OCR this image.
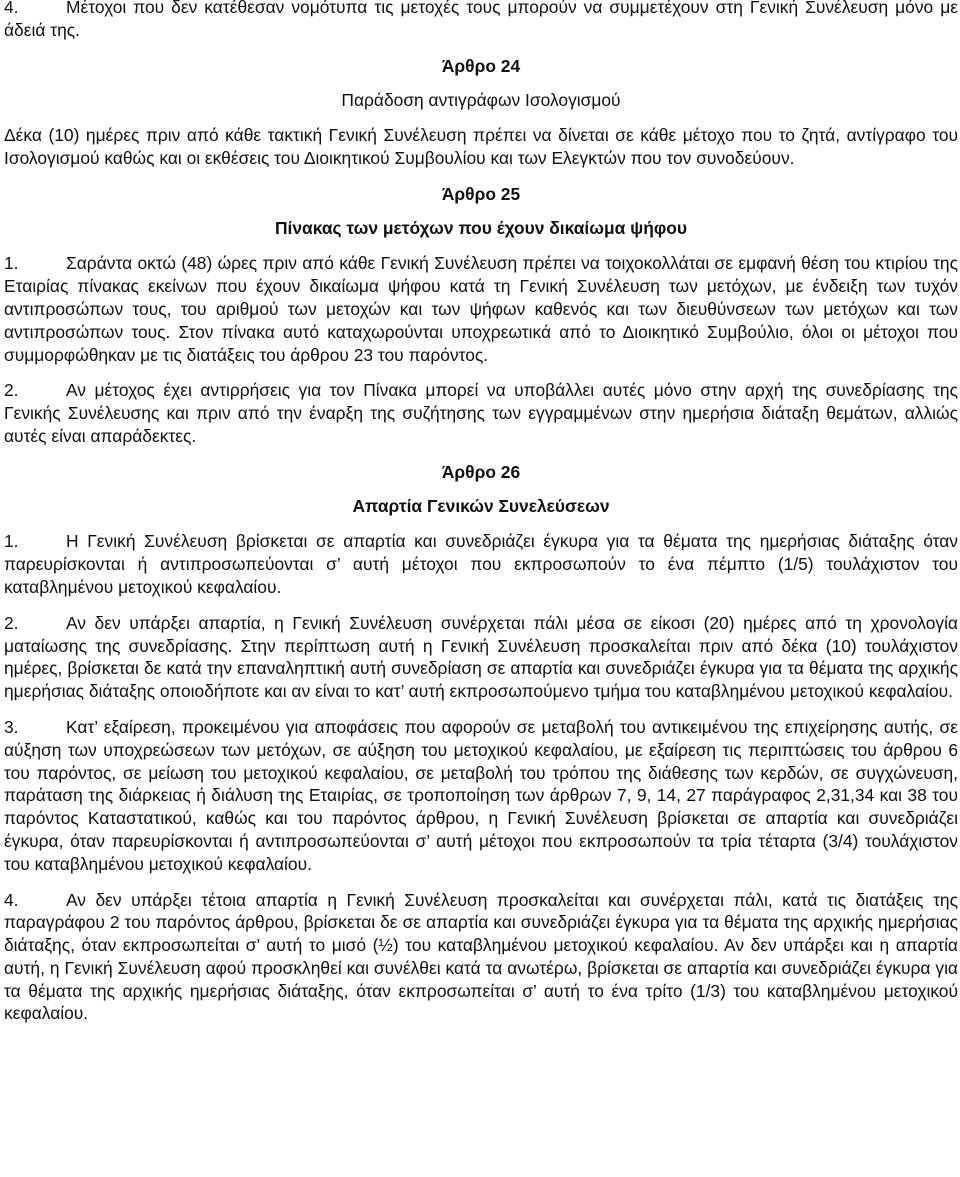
4.	Μέτοχοι που δεν κατέθεσαν νομότυπα τις μετοχές τους μπορούν να συμμετέχουν στη Γενική Συνέλευση μόνο με άδειά της.

Άρθρο 24

Παράδοση αντιγράφων Ισολογισμού

Δέκα (10) ημέρες πριν από κάθε τακτική Γενική Συνέλευση πρέπει να δίνεται σε κάθε μέτοχο που το ζητά, αντίγραφο του Ισολογισμού καθώς και οι εκθέσεις του Διοικητικού Συμβουλίου και των Ελεγκτών που τον συνοδεύουν.

Άρθρο 25

Πίνακας των μετόχων που έχουν δικαίωμα ψήφου

1.	Σαράντα οκτώ (48) ώρες πριν από κάθε Γενική Συνέλευση πρέπει να τοιχοκολλάται σε εμφανή θέση του κτιρίου της Εταιρίας πίνακας εκείνων που έχουν δικαίωμα ψήφου κατά τη Γενική Συνέλευση των μετόχων, με ένδειξη των τυχόν αντιπροσώπων τους, του αριθμού των μετοχών και των ψήφων καθενός και των διευθύνσεων των μετόχων και των αντιπροσώπων τους. Στον πίνακα αυτό καταχωρούνται υποχρεωτικά από το Διοικητικό Συμβούλιο, όλοι οι μέτοχοι που συμμορφώθηκαν με τις διατάξεις του άρθρου 23 του παρόντος.

2.	Αν μέτοχος έχει αντιρρήσεις για τον Πίνακα μπορεί να υποβάλλει αυτές μόνο στην αρχή της συνεδρίασης της Γενικής Συνέλευσης και πριν από την έναρξη της συζήτησης των εγγραμμένων στην ημερήσια διάταξη θεμάτων, αλλιώς αυτές είναι απαράδεκτες.

Άρθρο 26

Απαρτία Γενικών Συνελεύσεων

1.	Η Γενική Συνέλευση βρίσκεται σε απαρτία και συνεδριάζει έγκυρα για τα θέματα της ημερήσιας διάταξης όταν παρευρίσκονται ή αντιπροσωπεύονται σ’ αυτή μέτοχοι που εκπροσωπούν το ένα πέμπτο (1/5) τουλάχιστον του καταβλημένου μετοχικού κεφαλαίου.

2.	Αν δεν υπάρξει απαρτία, η Γενική Συνέλευση συνέρχεται πάλι μέσα σε είκοσι (20) ημέρες από τη χρονολογία ματαίωσης της συνεδρίασης. Στην περίπτωση αυτή η Γενική Συνέλευση προσκαλείται πριν από δέκα (10) τουλάχιστον ημέρες, βρίσκεται δε κατά την επαναληπτική αυτή συνεδρίαση σε απαρτία και συνεδριάζει έγκυρα για τα θέματα της αρχικής ημερήσιας διάταξης οποιοδήποτε και αν είναι το κατ’ αυτή εκπροσωπούμενο τμήμα του καταβλημένου μετοχικού κεφαλαίου.

3.	Κατ’ εξαίρεση, προκειμένου για αποφάσεις που αφορούν σε μεταβολή του αντικειμένου της επιχείρησης αυτής, σε αύξηση των υποχρεώσεων των μετόχων, σε αύξηση του μετοχικού κεφαλαίου, με εξαίρεση τις περιπτώσεις του άρθρου 6 του παρόντος, σε μείωση του μετοχικού κεφαλαίου, σε μεταβολή του τρόπου της διάθεσης των κερδών, σε συγχώνευση, παράταση της διάρκειας ή διάλυση της Εταιρίας, σε τροποποίηση των άρθρων 7, 9, 14, 27 παράγραφος 2,31,34 και 38 του παρόντος Καταστατικού, καθώς και του παρόντος άρθρου, η Γενική Συνέλευση βρίσκεται σε απαρτία και συνεδριάζει έγκυρα, όταν παρευρίσκονται ή αντιπροσωπεύονται σ’ αυτή μέτοχοι που εκπροσωπούν τα τρία τέταρτα (3/4) τουλάχιστον του καταβλημένου μετοχικού κεφαλαίου.

4.	Αν δεν υπάρξει τέτοια απαρτία η Γενική Συνέλευση προσκαλείται και συνέρχεται πάλι, κατά τις διατάξεις της παραγράφου 2 του παρόντος άρθρου, βρίσκεται δε σε απαρτία και συνεδριάζει έγκυρα για τα θέματα της αρχικής ημερήσιας διάταξης, όταν εκπροσωπείται σ’ αυτή το μισό (½) του καταβλημένου μετοχικού κεφαλαίου. Αν δεν υπάρξει και η απαρτία αυτή, η Γενική Συνέλευση αφού προσκληθεί και συνέλθει κατά τα ανωτέρω, βρίσκεται σε απαρτία και συνεδριάζει έγκυρα για τα θέματα της αρχικής ημερήσιας διάταξης, όταν εκπροσωπείται σ’ αυτή το ένα τρίτο (1/3) του καταβλημένου μετοχικού κεφαλαίου.
